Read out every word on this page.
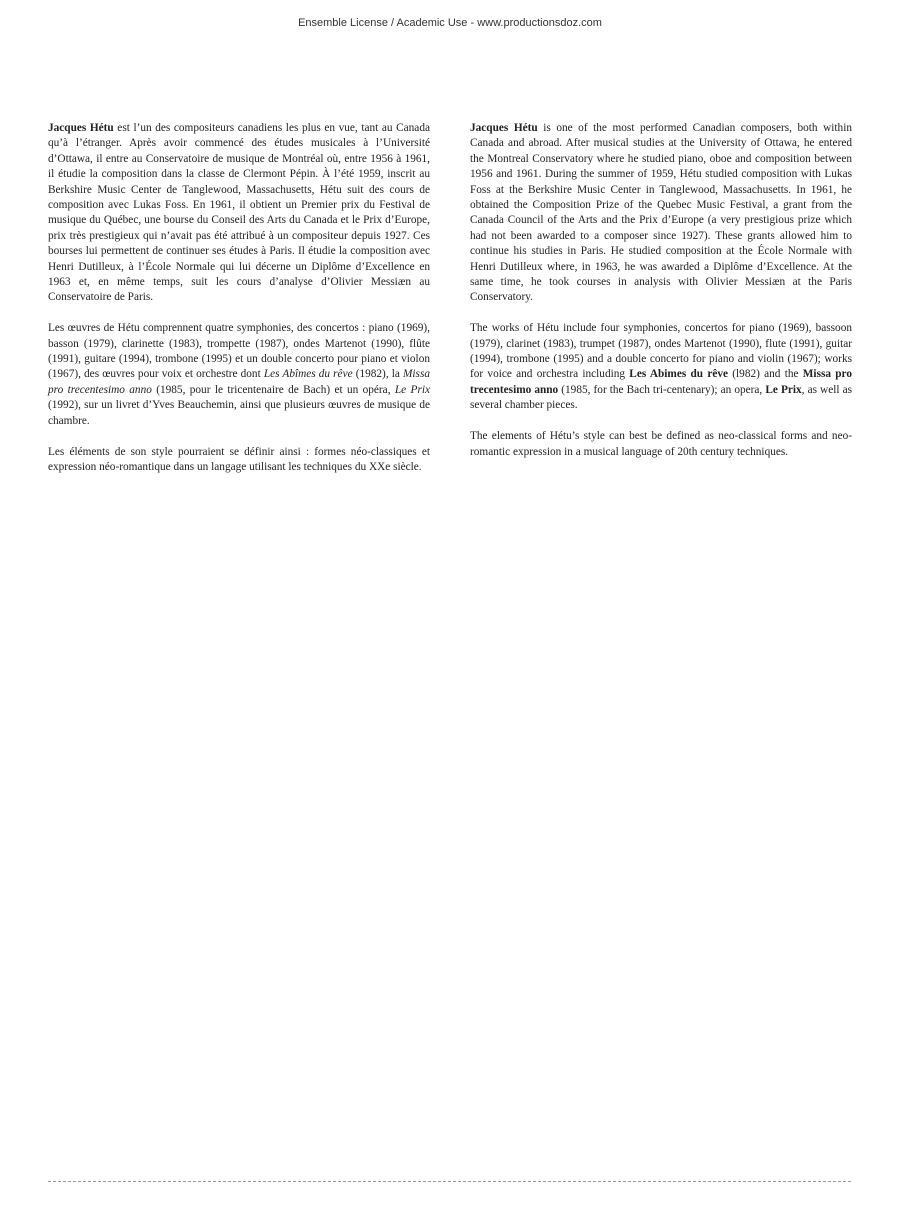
Ensemble License / Academic Use - www.productionsdoz.com

Jacques Hétu est l’un des compositeurs canadiens les plus en vue, tant au Canada qu’à l’étranger. Après avoir commencé des études musicales à l’Université d’Ottawa, il entre au Conservatoire de musique de Montréal où, entre 1956 à 1961, il étudie la composition dans la classe de Clermont Pépin. À l’été 1959, inscrit au Berkshire Music Center de Tanglewood, Massachusetts, Hétu suit des cours de composition avec Lukas Foss. En 1961, il obtient un Premier prix du Festival de musique du Québec, une bourse du Conseil des Arts du Canada et le Prix d’Europe, prix très prestigieux qui n’avait pas été attribué à un compositeur depuis 1927. Ces bourses lui permettent de continuer ses études à Paris. Il étudie la composition avec Henri Dutilleux, à l’École Normale qui lui décerne un Diplôme d’Excellence en 1963 et, en même temps, suit les cours d’analyse d’Olivier Messiæn au Conservatoire de Paris.

Les œuvres de Hétu comprennent quatre symphonies, des concertos : piano (1969), basson (1979), clarinette (1983), trompette (1987), ondes Martenot (1990), flûte (1991), guitare (1994), trombone (1995) et un double concerto pour piano et violon (1967), des œuvres pour voix et orchestre dont Les Abîmes du rêve (1982), la Missa pro trecentesimo anno (1985, pour le tricentenaire de Bach) et un opéra, Le Prix (1992), sur un livret d’Yves Beauchemin, ainsi que plusieurs œuvres de musique de chambre.

Les éléments de son style pourraient se définir ainsi : formes néo-classiques et expression néo-romantique dans un langage utilisant les techniques du XXe siècle.

Jacques Hétu is one of the most performed Canadian composers, both within Canada and abroad. After musical studies at the University of Ottawa, he entered the Montreal Conservatory where he studied piano, oboe and composition between 1956 and 1961. During the summer of 1959, Hétu studied composition with Lukas Foss at the Berkshire Music Center in Tanglewood, Massachusetts. In 1961, he obtained the Composition Prize of the Quebec Music Festival, a grant from the Canada Council of the Arts and the Prix d’Europe (a very prestigious prize which had not been awarded to a composer since 1927). These grants allowed him to continue his studies in Paris. He studied composition at the École Normale with Henri Dutilleux where, in 1963, he was awarded a Diplôme d’Excellence. At the same time, he took courses in analysis with Olivier Messiæn at the Paris Conservatory.

The works of Hétu include four symphonies, concertos for piano (1969), bassoon (1979), clarinet (1983), trumpet (1987), ondes Martenot (1990), flute (1991), guitar (1994), trombone (1995) and a double concerto for piano and violin (1967); works for voice and orchestra including Les Abimes du rêve (l982) and the Missa pro trecentesimo anno (1985, for the Bach tri-centenary); an opera, Le Prix, as well as several chamber pieces.

The elements of Hétu’s style can best be defined as neo-classical forms and neo-romantic expression in a musical language of 20th century techniques.
